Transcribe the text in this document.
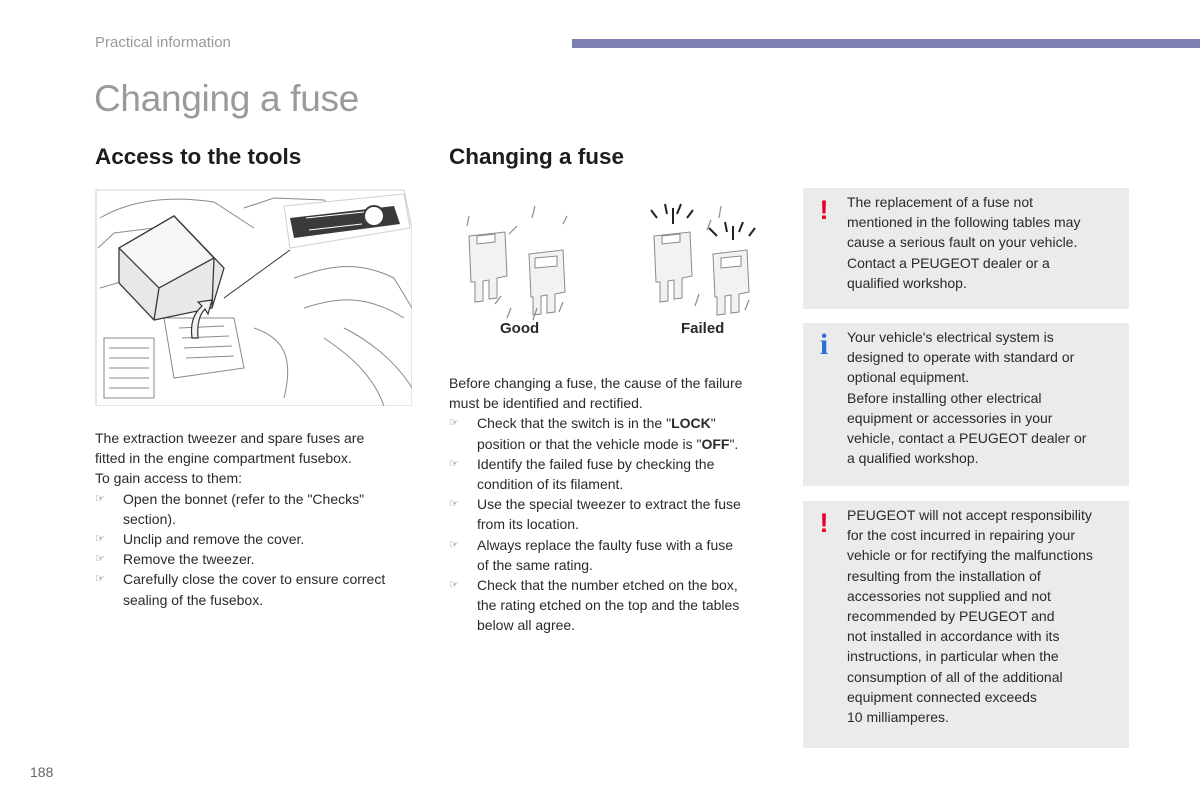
Practical information
Changing a fuse
Access to the tools	Changing a fuse
Good	Failed

The extraction tweezer and spare fuses are

fitted in the engine compartment fusebox.

To gain access to them:

☞ Open the bonnet (refer to the "Checks"
section).
☞ Unclip and remove the cover.
☞ Remove the tweezer.
☞ Carefully close the cover to ensure correct
sealing of the fusebox.

Before changing a fuse, the cause of the failure

must be identified and rectified.

☞ Check that the switch is in the "LOCK"
position or that the vehicle mode is "OFF".
☞ Identify the failed fuse by checking the
condition of its filament.
☞ Use the special tweezer to extract the fuse
from its location.
☞ Always replace the faulty fuse with a fuse
of the same rating.
☞ Check that the number etched on the box,
the rating etched on the top and the tables
below all agree.
! The replacement of a fuse not
mentioned in the following tables may
cause a serious fault on your vehicle.
Contact a PEUGEOT dealer or a
qualified workshop.
i Your vehicle's electrical system is
designed to operate with standard or
optional equipment.
Before installing other electrical
equipment or accessories in your
vehicle, contact a PEUGEOT dealer or
a qualified workshop.
! PEUGEOT will not accept responsibility
for the cost incurred in repairing your
vehicle or for rectifying the malfunctions
resulting from the installation of
accessories not supplied and not
recommended by PEUGEOT and
not installed in accordance with its
instructions, in particular when the
consumption of all of the additional
equipment connected exceeds
10 milliamperes.
188
